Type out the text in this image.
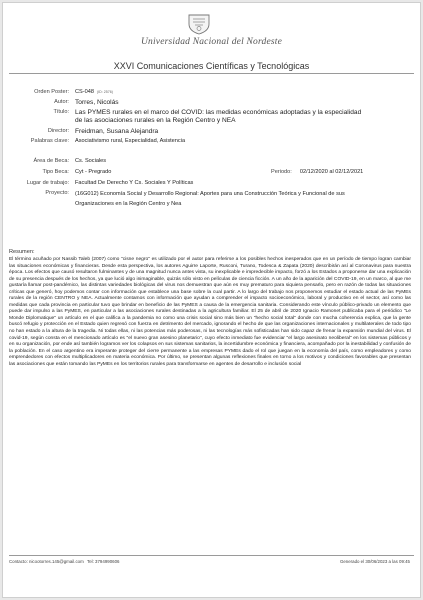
Universidad Nacional del Nordeste
XXVI Comunicaciones Científicas y Tecnológicas
Orden Poster: CS-048 (ID: 2576)
Autor: Torres, Nicolás
Título: Las PYMES rurales en el marco del COVID: las medidas económicas adoptadas y la especialidad
de las asociaciones rurales en la Región Centro y NEA
Director: Freidman, Susana Alejandra
Palabras clave: Asociativismo rural, Especialidad, Asistencia
Área de Beca: Cs. Sociales
Tipo Beca: Cyt - Pregrado	Periodo: 02/12/2020 al 02/12/2021
Lugar de trabajo: Facultad De Derecho Y Cs. Sociales Y Políticas
Proyecto: (16G012) Economía Social y Desarrollo Regional: Aportes para una Construcción Teórica y Funcional de sus
Organizaciones en la Región Centro y Nea
Resumen:
El término acuñado por Nassib Taleb (2007) como "cisne negro" es utilizado por el autor para referirse a los posibles hechos inesperados que en un período de tiempo logran cambiar las situaciones económicas y financieras. Desde esta perspectiva, los autores Aguirre Laporte, Rusconi, Turano, Todesca & Zapata (2020) describirán así al Coronavirus para nuestra época. Los efectos que causó resultaron fulminantes y de una magnitud nunca antes vista, su inexplicable e impredecible impacto, forzó a los Estados a proponerse dar una explicación de su presencia después de los hechos, ya que lució algo inimaginable, quizás sólo visto en películas de ciencia ficción. A un año de la aparición del COVID-19, en un marco, al que me gustaría llamar post-pandémico, las distintas variedades biológicas del virus nos demuestran que aún es muy prematuro para siquiera pensarlo, pero en razón de todas las situaciones críticas que generó, hoy podemos contar con información que establece una base sobre la cual partir. A lo largo del trabajo nos proponemos estudiar el estado actual de las PyMEs rurales de la región CENTRO y NEA. Actualmente contamos con información que ayudan a comprender el impacto socioeconómico, laboral y productivo en el sector, así como las medidas que cada provincia en particular tuvo que brindar en beneficio de las PyMES a causa de la emergencia sanitaria. Considerando este vínculo público-privado un elemento que puede dar impulso a las PyMES, en particular a las asociaciones rurales destinadas a la agricultura familiar. El 25 de abril de 2020 Ignacio Ramonet publicaba para el periódico "Le Monde Diplomatique" un artículo en el que califica a la pandemia no como una crisis social sino más bien un "hecho social total" donde con mucha coherencia explica, que la gente buscó refugio y protección en el Estado quien regresó con fuerza en detrimento del mercado, ignorando el hecho de que las organizaciones internacionales y multilaterales de todo tipo no han estado a la altura de la tragedia. Ni todas ellas, ni las potencias más poderosas, ni las tecnologías más sofisticadas han sido capaz de frenar la expansión mundial del virus. El covid-19, según consta en el mencionado artículo es "el nuevo gran asesino planetario", cuyo efecto inmediato fue evidenciar "el largo asesinato neoliberal" en los sistemas públicos y en su organización, por ende así también logramos ver los colapsos en sus sistemas sanitarios, la incertidumbre económica y financiera, acompañado por la inestabilidad y confusión de la población. En el caso argentino era imperante proteger del cierre permanente a las empresas PYMEs dado el rol que juegan en la economía del país, como empleadores y como emprendedores con efectos multiplicadores en materia económica. Por último, se presentan algunas reflexiones finales en torno a los motivos y condiciones favorables que presentan las asociaciones que están tomando las PyMEs en los territorios rurales para transformarse en agentes de desarrollo e inclusión social
Contacto: nicootorres.145@gmail.com Tel: 3794990606	Generado el 30/06/2023 a las 09:45
